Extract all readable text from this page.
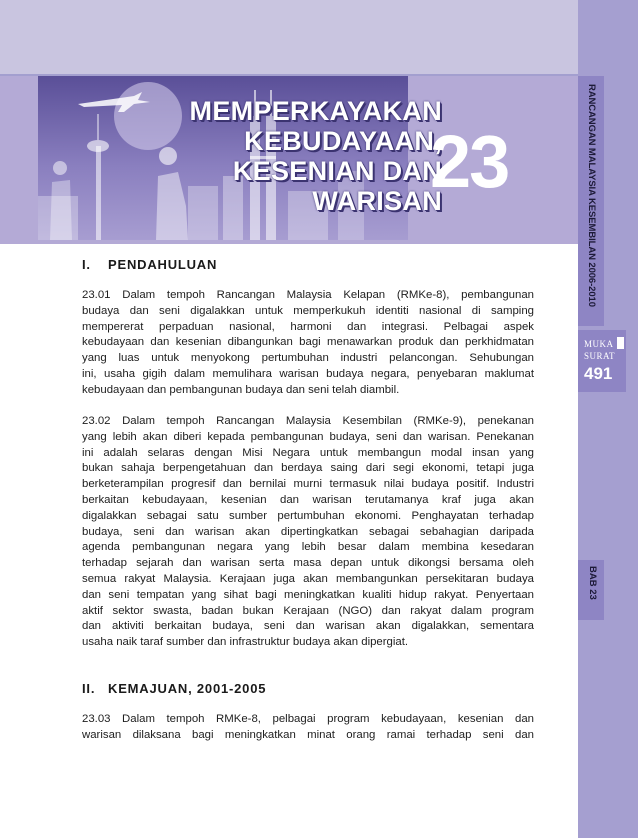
MEMPERKAYAKAN
KEBUDAYAAN,
KESENIAN DAN
WARISAN
23	RANCANGAN MALAYSIA KESEMBILAN 2006-2010
MUKA
SURAT
491
BAB 23
I. PENDAHULUAN
23.01 Dalam tempoh Rancangan Malaysia Kelapan (RMKe-8), pembangunan
budaya dan seni digalakkan untuk memperkukuh identiti nasional di samping
mempererat perpaduan nasional, harmoni dan integrasi. Pelbagai aspek
kebudayaan dan kesenian dibangunkan bagi menawarkan produk dan perkhidmatan
yang luas untuk menyokong pertumbuhan industri pelancongan. Sehubungan
ini, usaha gigih dalam memulihara warisan budaya negara, penyebaran maklumat
kebudayaan dan pembangunan budaya dan seni telah diambil.
23.02 Dalam tempoh Rancangan Malaysia Kesembilan (RMKe-9), penekanan
yang lebih akan diberi kepada pembangunan budaya, seni dan warisan. Penekanan
ini adalah selaras dengan Misi Negara untuk membangun modal insan yang
bukan sahaja berpengetahuan dan berdaya saing dari segi ekonomi, tetapi juga
berketerampilan progresif dan bernilai murni termasuk nilai budaya positif. Industri
berkaitan kebudayaan, kesenian dan warisan terutamanya kraf juga akan
digalakkan sebagai satu sumber pertumbuhan ekonomi. Penghayatan terhadap
budaya, seni dan warisan akan dipertingkatkan sebagai sebahagian daripada
agenda pembangunan negara yang lebih besar dalam membina kesedaran
terhadap sejarah dan warisan serta masa depan untuk dikongsi bersama oleh
semua rakyat Malaysia. Kerajaan juga akan membangunkan persekitaran budaya
dan seni tempatan yang sihat bagi meningkatkan kualiti hidup rakyat. Penyertaan
aktif sektor swasta, badan bukan Kerajaan (NGO) dan rakyat dalam program
dan aktiviti berkaitan budaya, seni dan warisan akan digalakkan, sementara
usaha naik taraf sumber dan infrastruktur budaya akan dipergiat.
II. KEMAJUAN, 2001-2005
23.03 Dalam tempoh RMKe-8, pelbagai program kebudayaan, kesenian dan
warisan dilaksana bagi meningkatkan minat orang ramai terhadap seni dan
